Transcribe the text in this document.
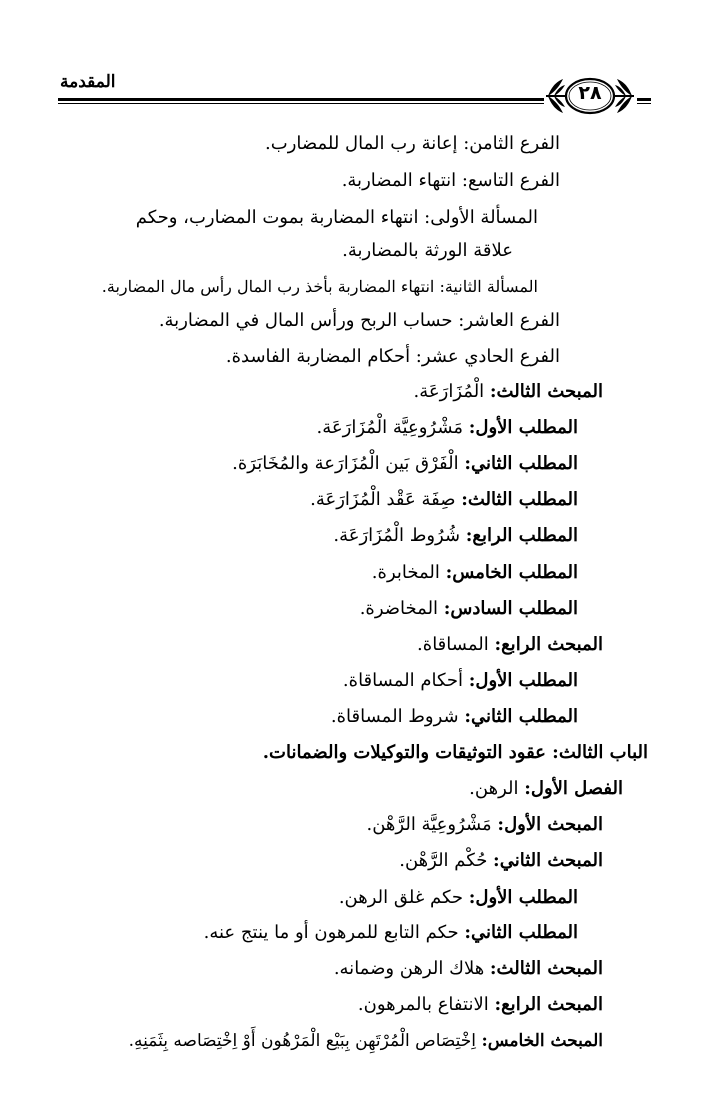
المقدمة	٢٨
الفرع الثامن: إعانة رب المال للمضارب.
الفرع التاسع: انتهاء المضاربة.
المسألة الأولى: انتهاء المضاربة بموت المضارب، وحكم
علاقة الورثة بالمضاربة.
المسألة الثانية: انتهاء المضاربة بأخذ رب المال رأس مال المضاربة.
الفرع العاشر: حساب الربح ورأس المال في المضاربة.
الفرع الحادي عشر: أحكام المضاربة الفاسدة.
المبحث الثالث: الْمُزَارَعَة.
المطلب الأول: مَشْرُوعِيَّة الْمُزَارَعَة.
المطلب الثاني: الْفَرْق بَين الْمُزَارَعة والمُخَابَرَة.
المطلب الثالث: صِفَة عَقْد الْمُزَارَعَة.
المطلب الرابع: شُرُوط الْمُزَارَعَة.
المطلب الخامس: المخابرة.
المطلب السادس: المخاضرة.
المبحث الرابع: المساقاة.
المطلب الأول: أحكام المساقاة.
المطلب الثاني: شروط المساقاة.
الباب الثالث: عقود التوثيقات والتوكيلات والضمانات.
الفصل الأول: الرهن.
المبحث الأول: مَشْرُوعِيَّة الرَّهْن.
المبحث الثاني: حُكْم الرَّهْن.
المطلب الأول: حكم غلق الرهن.
المطلب الثاني: حكم التابع للمرهون أو ما ينتج عنه.
المبحث الثالث: هلاك الرهن وضمانه.
المبحث الرابع: الانتفاع بالمرهون.
المبحث الخامس: اِخْتِصَاص الْمُرْتَهِن بِبَيْع الْمَرْهُون أَوْ اِخْتِصَاصه بِثَمَنِهِ.
